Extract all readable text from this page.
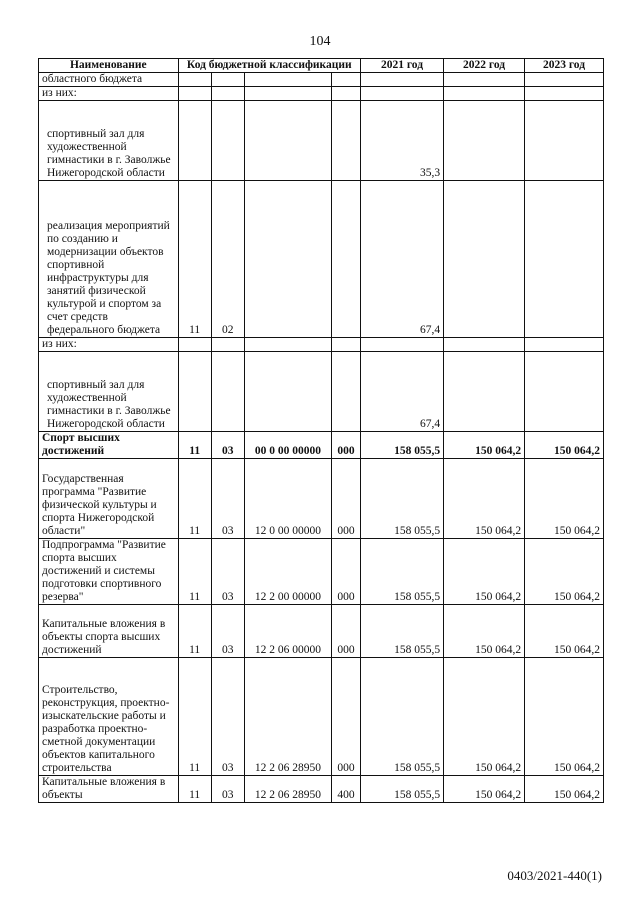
104
Наименование	Код бюджетной классификации				2021 год	2022 год	2023 год
областного бюджета							
из них:							
спортивный зал для художественной гимнастики в г. Заволжье Нижегородской области					35,3		
реализация мероприятий по созданию и модернизации объектов спортивной инфраструктуры для занятий физической культурой и спортом за счет средств федерального бюджета	11	02			67,4		
из них:							
спортивный зал для художественной гимнастики в г. Заволжье Нижегородской области					67,4		
Спорт высших достижений	11	03	00 0 00 00000	000	158 055,5	150 064,2	150 064,2
Государственная программа "Развитие физической культуры и спорта Нижегородской области"	11	03	12 0 00 00000	000	158 055,5	150 064,2	150 064,2
Подпрограмма "Развитие спорта высших достижений и системы подготовки спортивного резерва"	11	03	12 2 00 00000	000	158 055,5	150 064,2	150 064,2
Капитальные вложения в объекты спорта высших достижений	11	03	12 2 06 00000	000	158 055,5	150 064,2	150 064,2
Строительство, реконструкция, проектно-изыскательские работы и разработка проектно-сметной документации объектов капитального строительства	11	03	12 2 06 28950	000	158 055,5	150 064,2	150 064,2
Капитальные вложения в объекты	11	03	12 2 06 28950	400	158 055,5	150 064,2	150 064,2
0403/2021-440(1)
